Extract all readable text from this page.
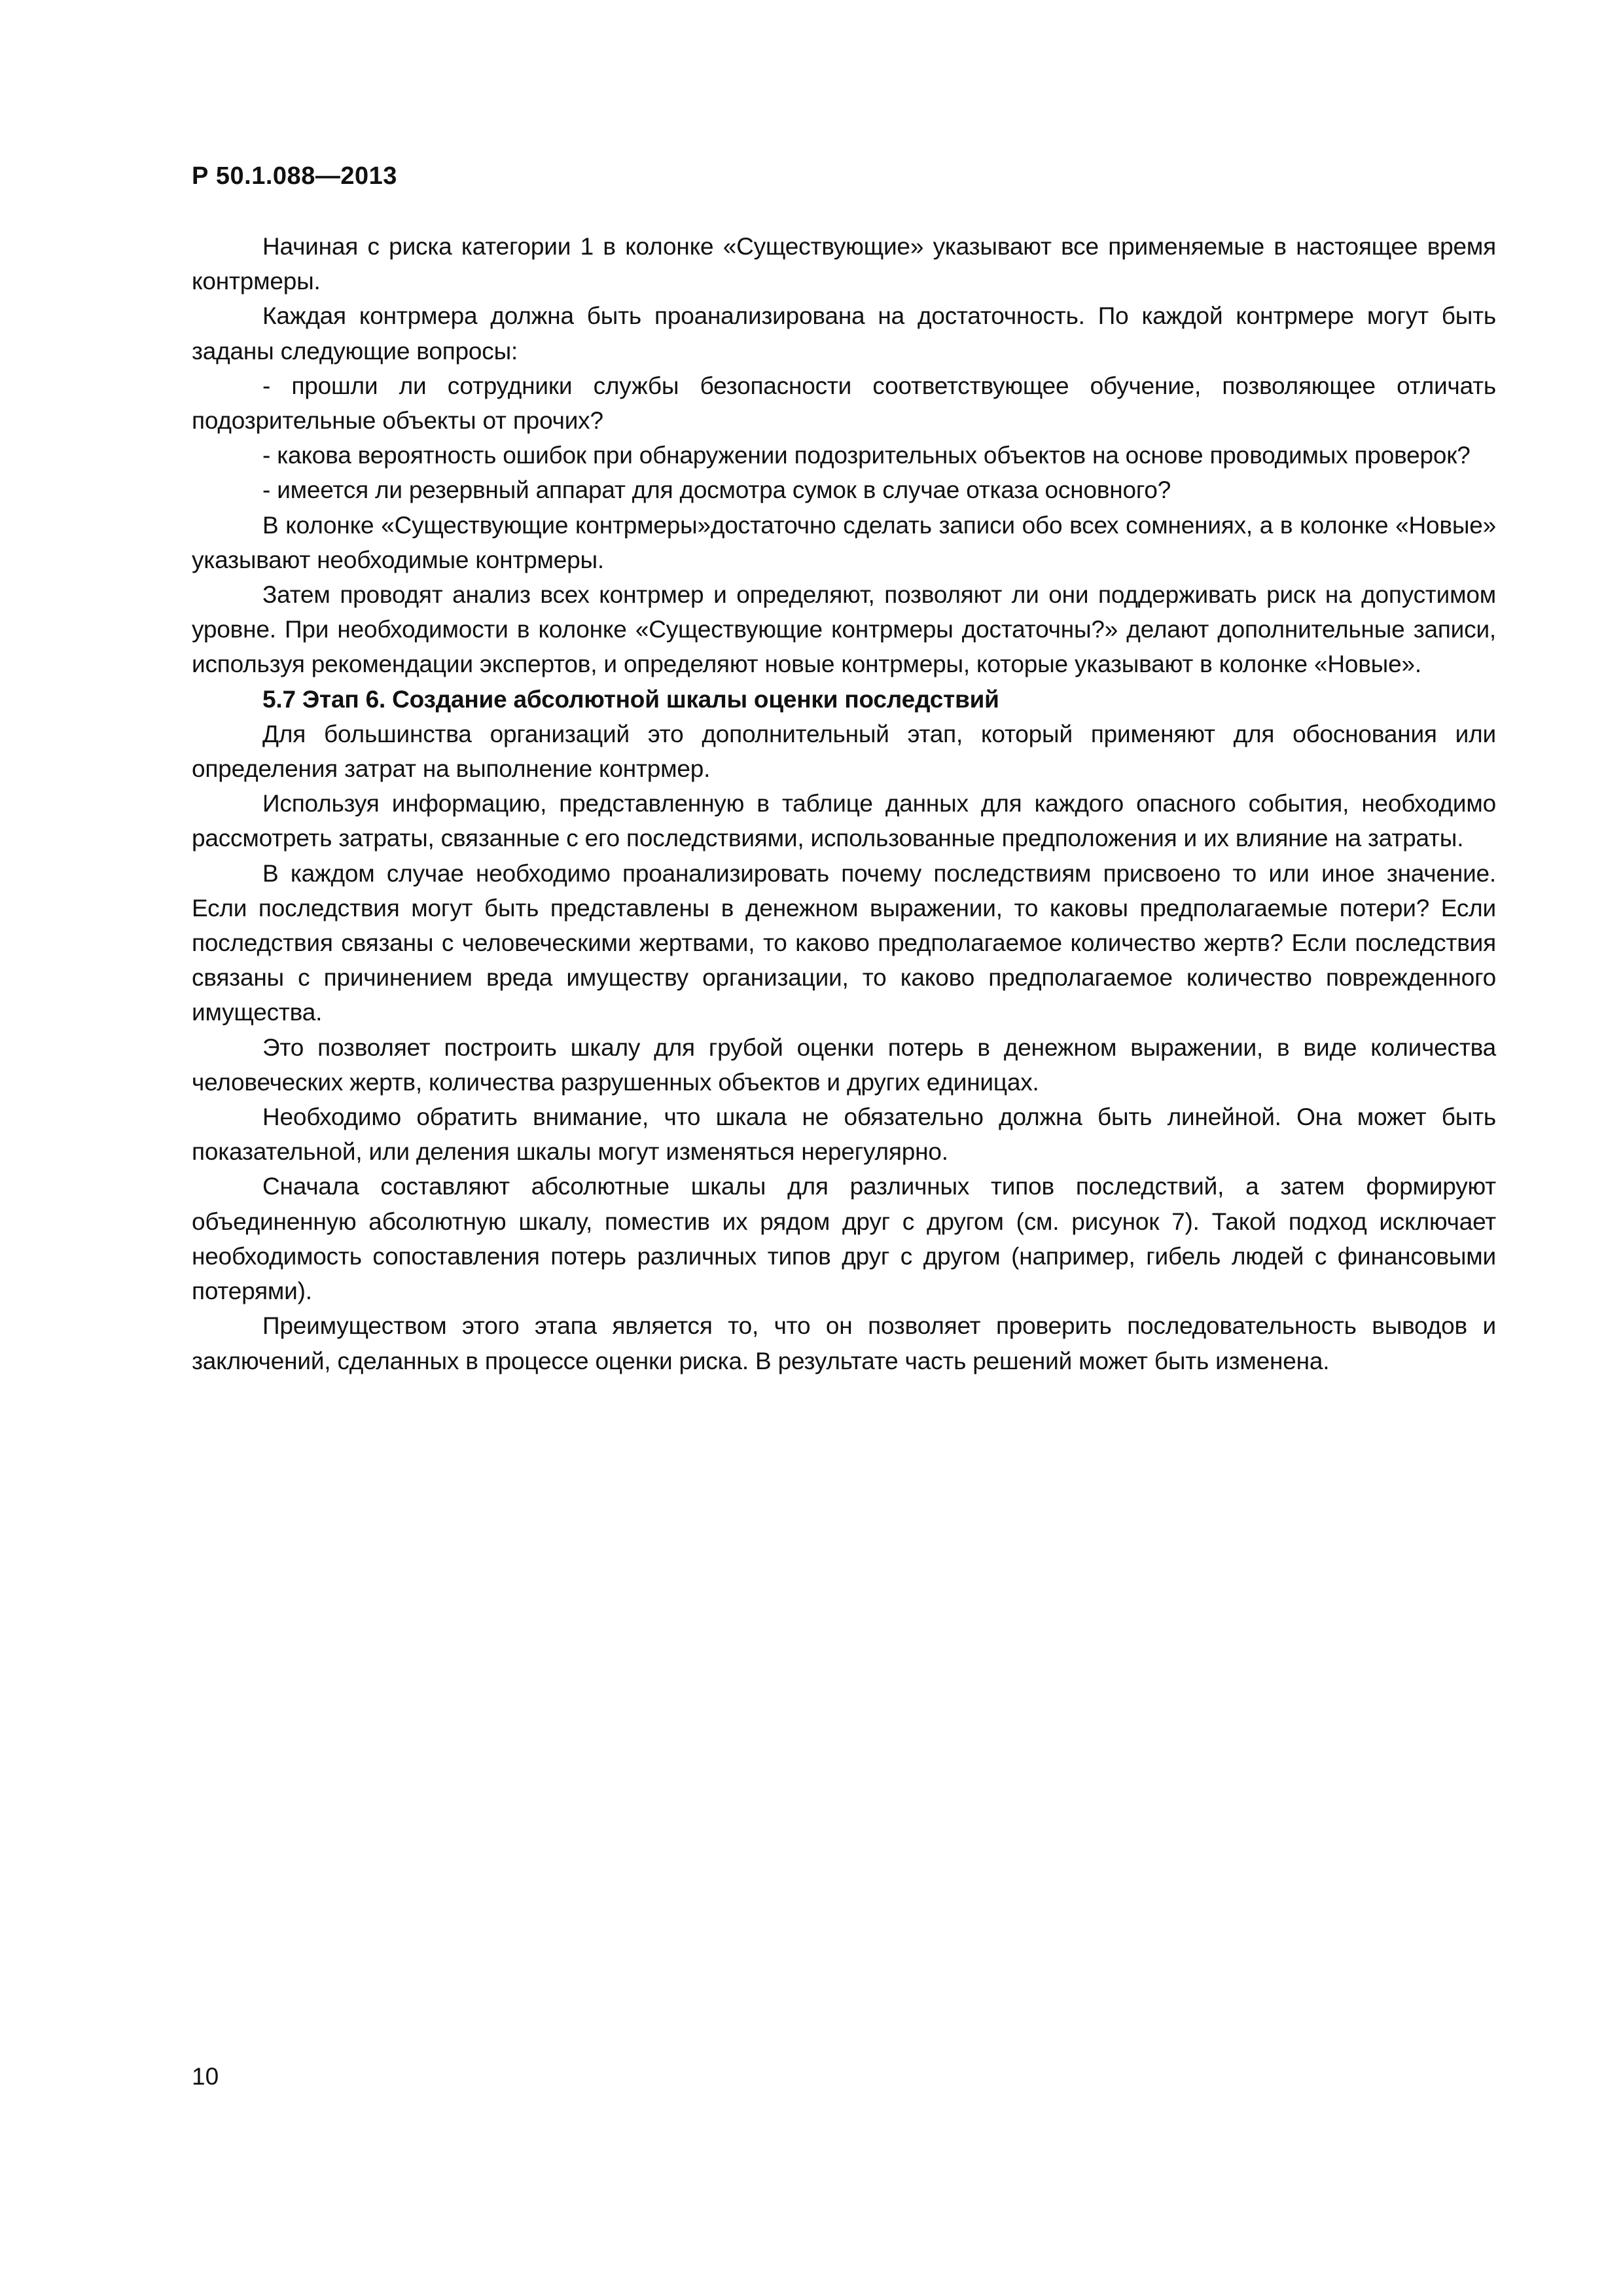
Р 50.1.088—2013

Начиная с риска категории 1 в колонке «Существующие» указывают все применяемые в настоящее время контрмеры.

Каждая контрмера должна быть проанализирована на достаточность. По каждой контрмере могут быть заданы следующие вопросы:

- прошли ли сотрудники службы безопасности соответствующее обучение, позволяющее отличать подозрительные объекты от прочих?

- какова вероятность ошибок при обнаружении подозрительных объектов на основе проводимых проверок?

- имеется ли резервный аппарат для досмотра сумок в случае отказа основного?

В колонке «Существующие контрмеры»достаточно сделать записи обо всех сомнениях, а в колонке «Новые» указывают необходимые контрмеры.

Затем проводят анализ всех контрмер и определяют, позволяют ли они поддерживать риск на допустимом уровне. При необходимости в колонке «Существующие контрмеры достаточны?» делают дополнительные записи, используя рекомендации экспертов, и определяют новые контрмеры, которые указывают в колонке «Новые».

5.7 Этап 6. Создание абсолютной шкалы оценки последствий

Для большинства организаций это дополнительный этап, который применяют для обоснования или определения затрат на выполнение контрмер.

Используя информацию, представленную в таблице данных для каждого опасного события, необходимо рассмотреть затраты, связанные с его последствиями, использованные предположения и их влияние на затраты.

В каждом случае необходимо проанализировать почему последствиям присвоено то или иное значение. Если последствия могут быть представлены в денежном выражении, то каковы предполагаемые потери? Если последствия связаны с человеческими жертвами, то каково предполагаемое количество жертв? Если последствия связаны с причинением вреда имуществу организации, то каково предполагаемое количество поврежденного имущества.

Это позволяет построить шкалу для грубой оценки потерь в денежном выражении, в виде количества человеческих жертв, количества разрушенных объектов и других единицах.

Необходимо обратить внимание, что шкала не обязательно должна быть линейной. Она может быть показательной, или деления шкалы могут изменяться нерегулярно.

Сначала составляют абсолютные шкалы для различных типов последствий, а затем формируют объединенную абсолютную шкалу, поместив их рядом друг с другом (см. рисунок 7). Такой подход исключает необходимость сопоставления потерь различных типов друг с другом (например, гибель людей с финансовыми потерями).

Преимуществом этого этапа является то, что он позволяет проверить последовательность выводов и заключений, сделанных в процессе оценки риска. В результате часть решений может быть изменена.

10
